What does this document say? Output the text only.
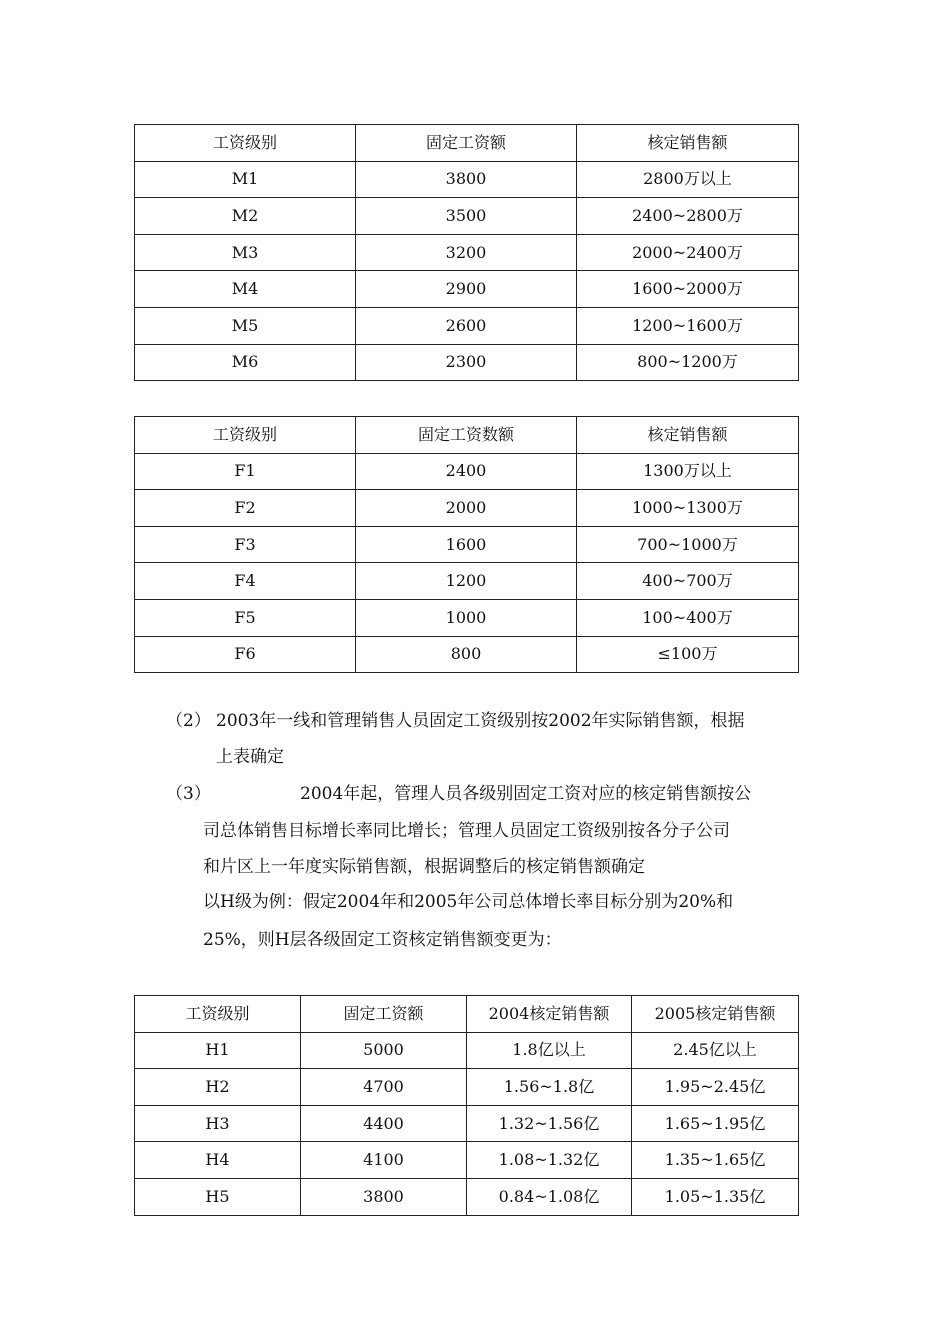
工资级别	固定工资额	核定销售额
M1	3800	2800万以上
M2	3500	2400~2800万
M3	3200	2000~2400万
M4	2900	1600~2000万
M5	2600	1200~1600万
M6	2300	800~1200万
工资级别	固定工资数额	核定销售额
F1	2400	1300万以上
F2	2000	1000~1300万
F3	1600	700~1000万
F4	1200	400~700万
F5	1000	100~400万
F6	800	≤100万
（2） 2003年一线和管理销售人员固定工资级别按2002年实际销售额，根据
上表确定
（3）	2004年起，管理人员各级别固定工资对应的核定销售额按公
司总体销售目标增长率同比增长；管理人员固定工资级别按各分子公司
和片区上一年度实际销售额，根据调整后的核定销售额确定
以H级为例：假定2004年和2005年公司总体增长率目标分别为20%和
25%，则H层各级固定工资核定销售额变更为：
工资级别	固定工资额	2004核定销售额	2005核定销售额
H1	5000	1.8亿以上	2.45亿以上
H2	4700	1.56~1.8亿	1.95~2.45亿
H3	4400	1.32~1.56亿	1.65~1.95亿
H4	4100	1.08~1.32亿	1.35~1.65亿
H5	3800	0.84~1.08亿	1.05~1.35亿
